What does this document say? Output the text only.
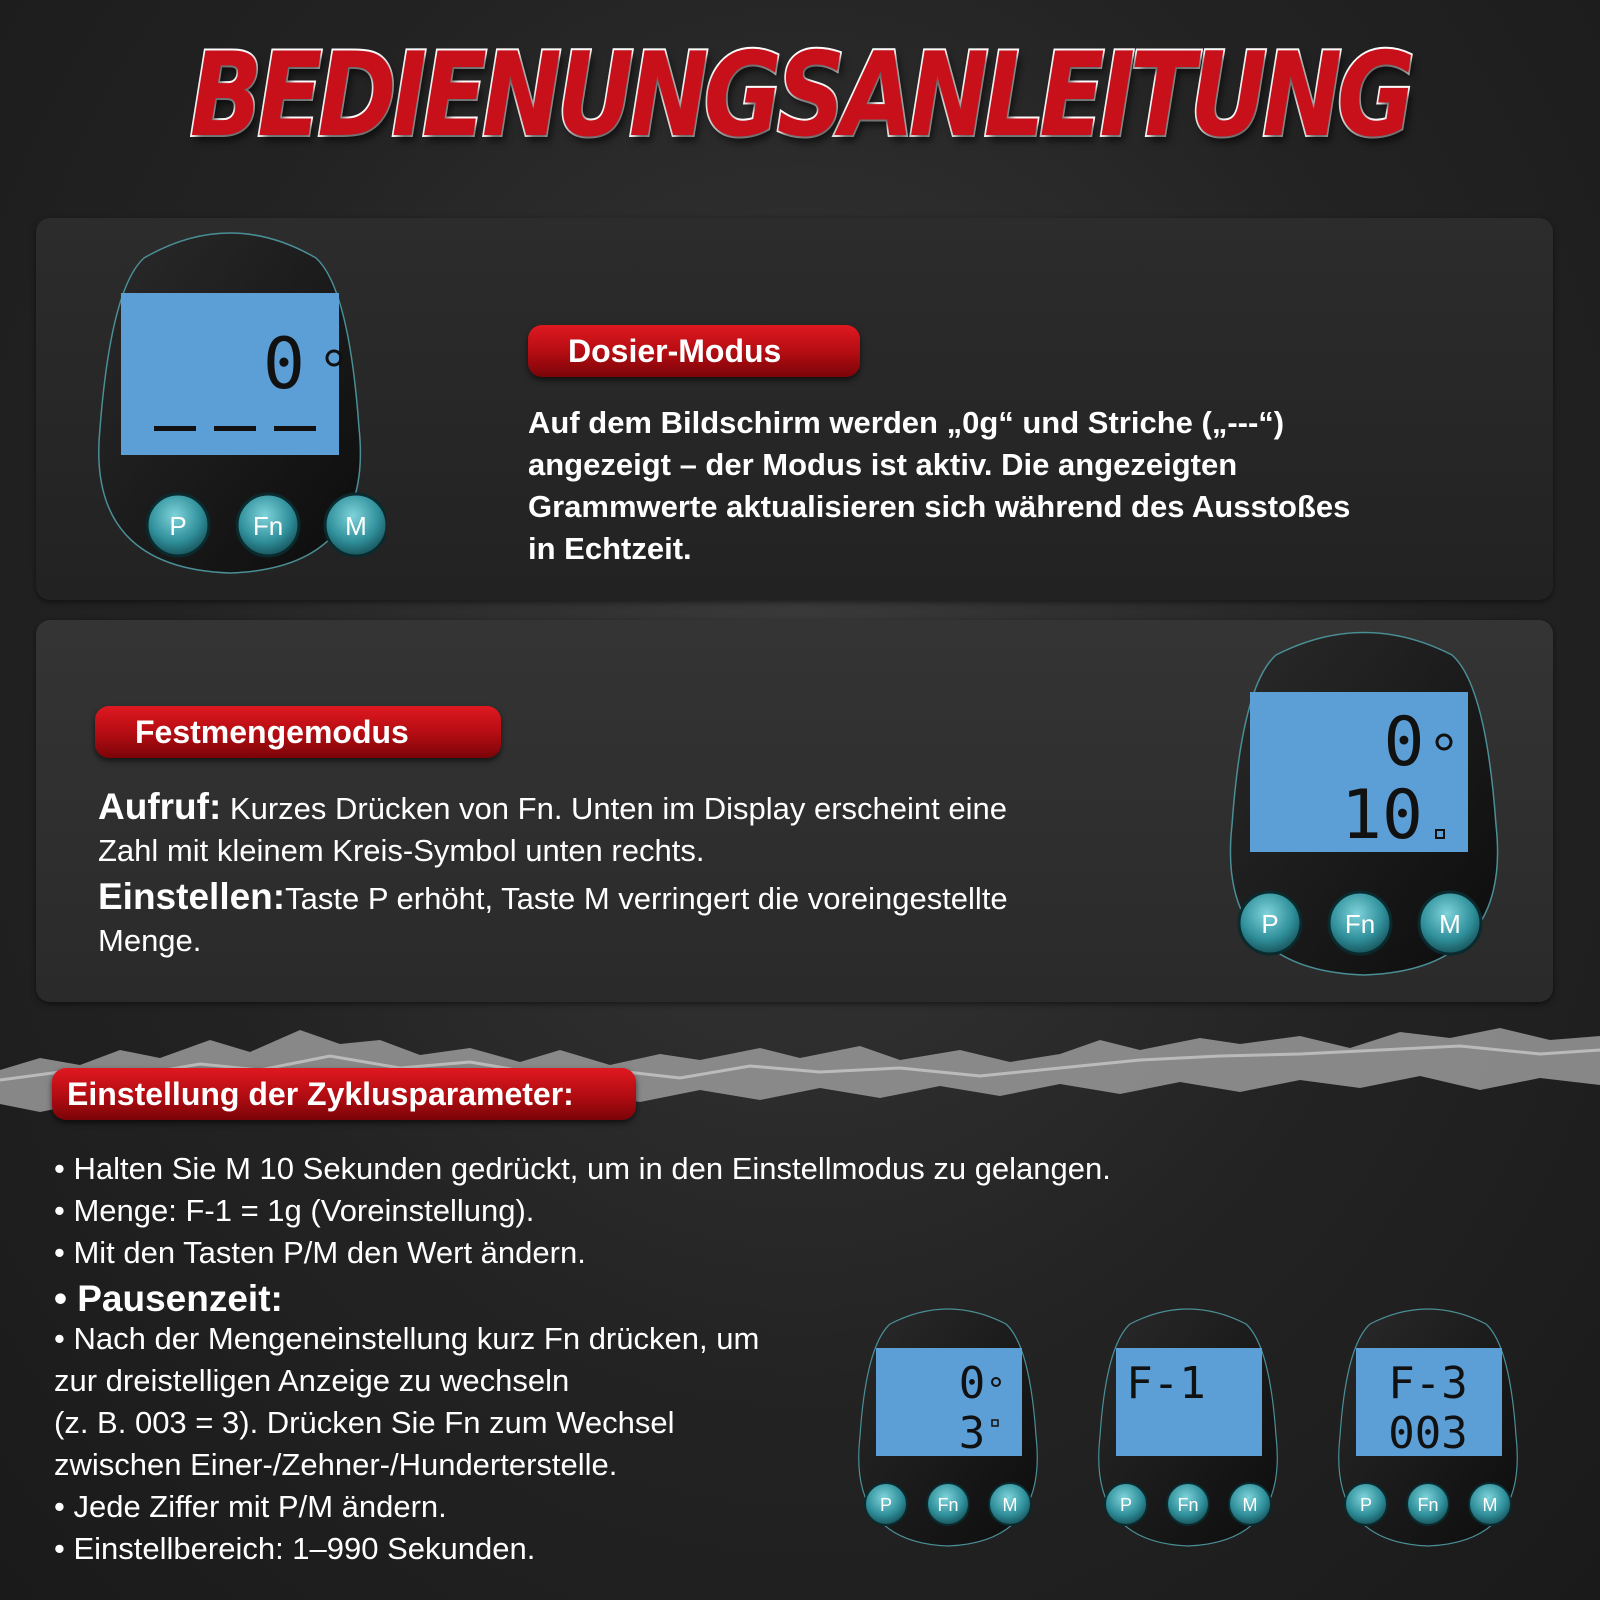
BEDIENUNGSANLEITUNG
0
P	Fn M
Dosier-Modus
Auf dem Bildschirm werden „0g“ und Striche („---“)
angezeigt – der Modus ist aktiv. Die angezeigten
Grammwerte aktualisieren sich während des Ausstoßes
in Echtzeit.
Festmengemodus
Aufruf: Kurzes Drücken von Fn. Unten im Display erscheint eine
Zahl mit kleinem Kreis-Symbol unten rechts.
Einstellen:Taste P erhöht, Taste M verringert die voreingestellte
Menge.
0
10
P	Fn M
Einstellung der Zyklusparameter:
• Halten Sie M 10 Sekunden gedrückt, um in den Einstellmodus zu gelangen.
• Menge: F-1 = 1g (Voreinstellung).
• Mit den Tasten P/M den Wert ändern.
• Pausenzeit:
• Nach der Mengeneinstellung kurz Fn drücken, um
zur dreistelligen Anzeige zu wechseln
(z. B. 003 = 3). Drücken Sie Fn zum Wechsel
zwischen Einer-/Zehner-/Hunderterstelle.
• Jede Ziffer mit P/M ändern.
• Einstellbereich: 1–990 Sekunden.
0
3
P	Fn M
F-1
P	Fn M
F-3
003
P	Fn M
